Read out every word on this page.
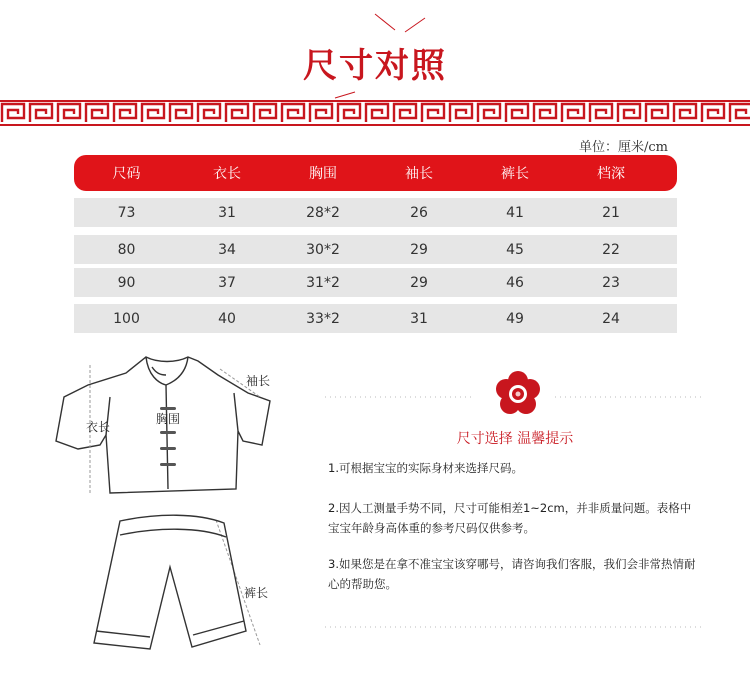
尺寸对照
单位：厘米/cm
尺码	衣长	胸围	袖长	裤长	档深
73	31	28*2	26	41	21
80	34	30*2	29	45	22
90	37	31*2	29	46	23
100	40	33*2	31	49	24
袖长
衣长
胸围
裤长
尺寸选择 温馨提示
1.可根据宝宝的实际身材来选择尺码。
2.因人工测量手势不同，尺寸可能相差1~2cm，并非质量问题。表格中宝宝年龄身高体重的参考尺码仅供参考。
3.如果您是在拿不准宝宝该穿哪号，请咨询我们客服，我们会非常热情耐心的帮助您。
